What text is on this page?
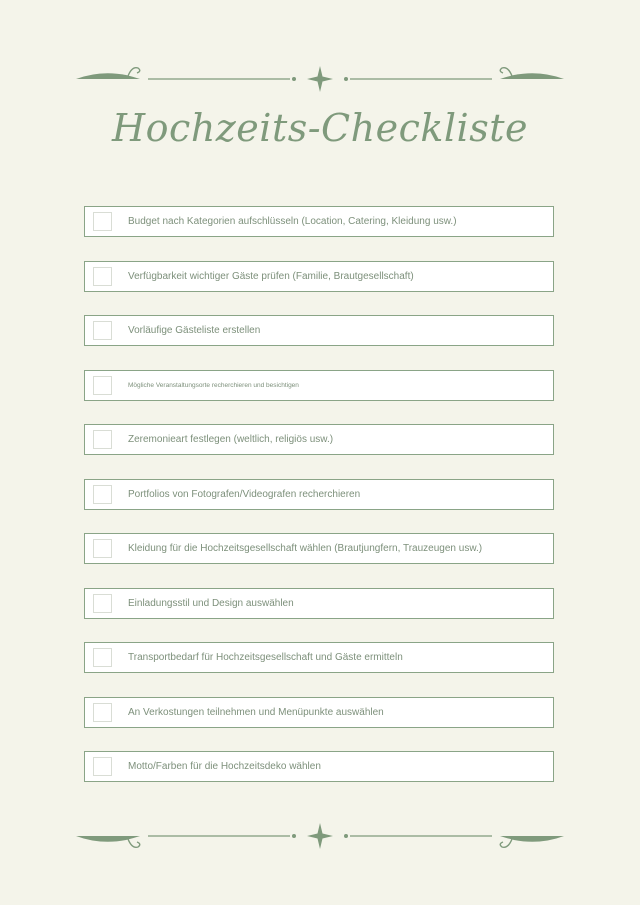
Hochzeits-Checkliste
Budget nach Kategorien aufschlüsseln (Location, Catering, Kleidung usw.)
Verfügbarkeit wichtiger Gäste prüfen (Familie, Brautgesellschaft)
Vorläufige Gästeliste erstellen
Mögliche Veranstaltungsorte recherchieren und besichtigen
Zeremonieart festlegen (weltlich, religiös usw.)
Portfolios von Fotografen/Videografen recherchieren
Kleidung für die Hochzeitsgesellschaft wählen (Brautjungfern, Trauzeugen usw.)
Einladungsstil und Design auswählen
Transportbedarf für Hochzeitsgesellschaft und Gäste ermitteln
An Verkostungen teilnehmen und Menüpunkte auswählen
Motto/Farben für die Hochzeitsdeko wählen
